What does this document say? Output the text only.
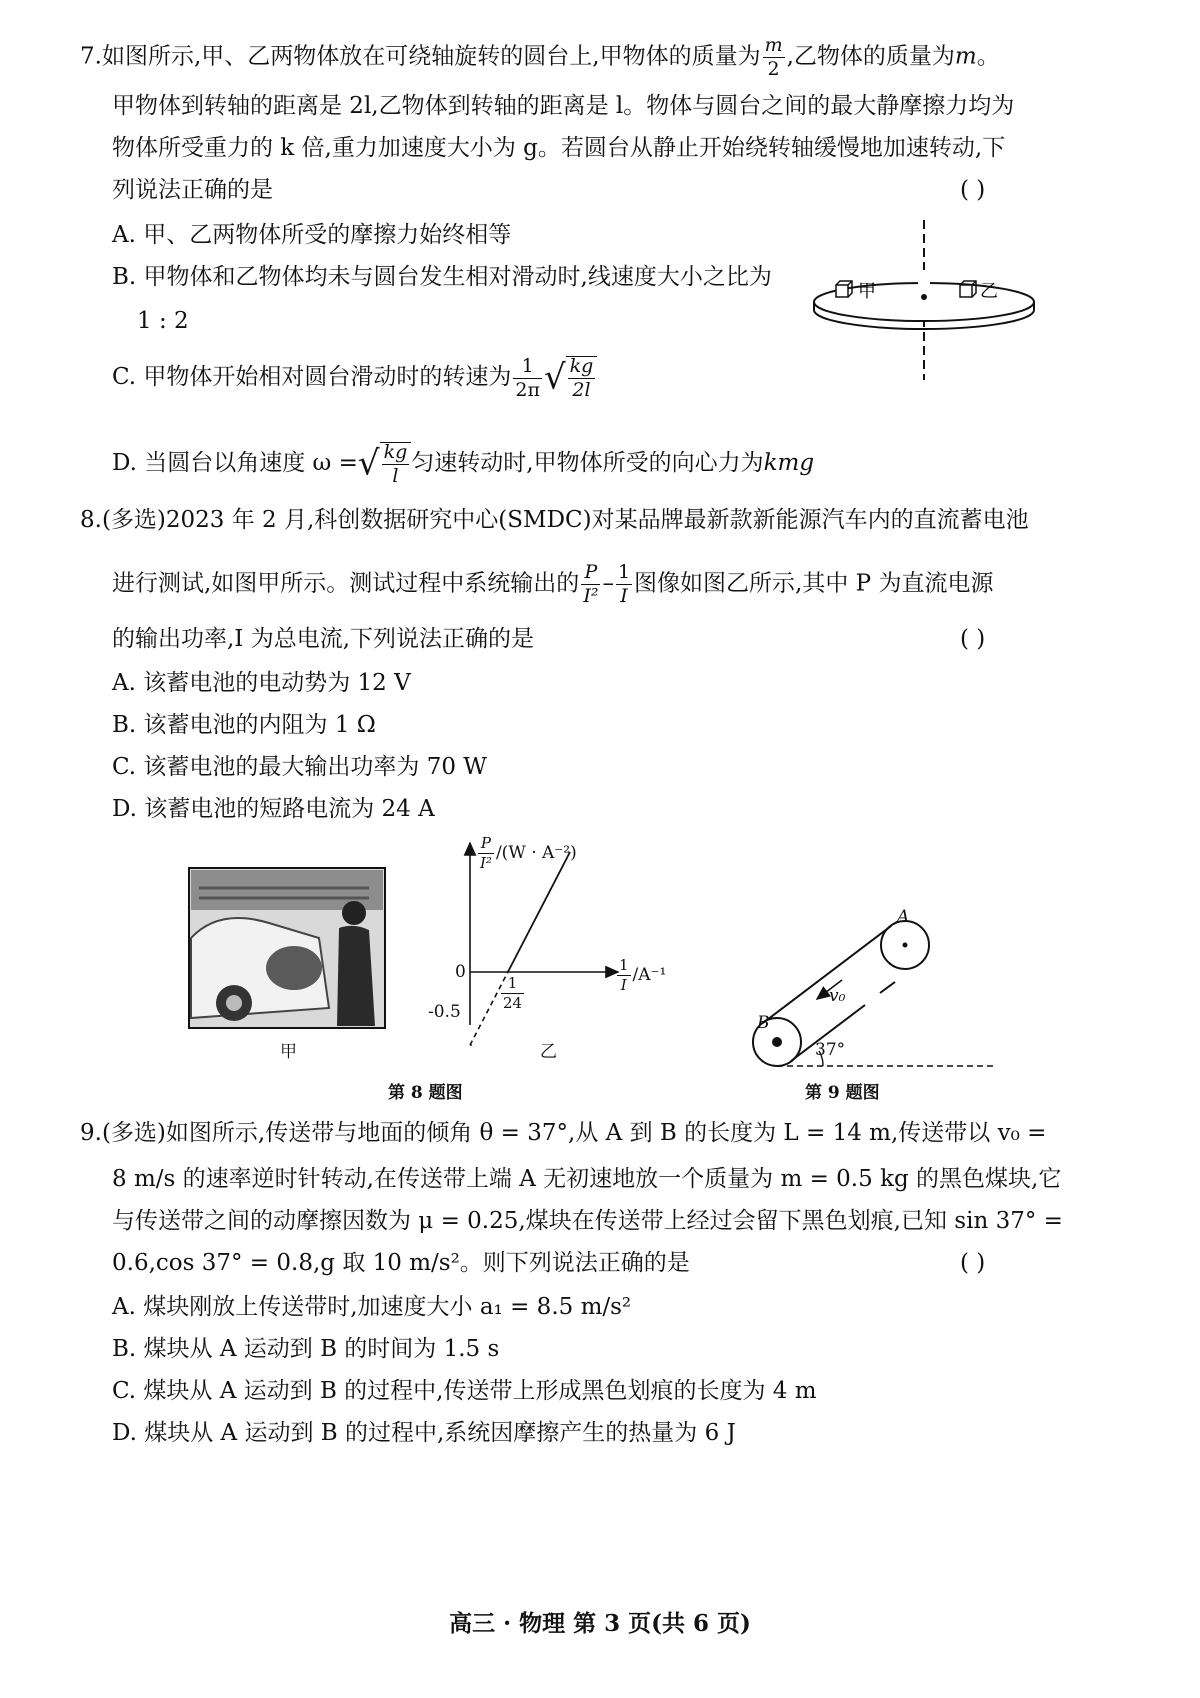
7.如图所示,甲、乙两物体放在可绕轴旋转的圆台上,甲物体的质量为 $\frac{m}{2}$ ,乙物体的质量为m。
甲物体到转轴的距离是 2l,乙物体到转轴的距离是 l。物体与圆台之间的最大静摩擦力均为
物体所受重力的 k 倍,重力加速度大小为 g。若圆台从静止开始绕转轴缓慢地加速转动,下
列说法正确的是	( )
A. 甲、乙两物体所受的摩擦力始终相等
B. 甲物体和乙物体均未与圆台发生相对滑动时,线速度大小之比为
1 : 2
C. 甲物体开始相对圆台滑动时的转速为 $\frac{1}{2\pi}$ √ $\frac{kg}{2l}$
D. 当圆台以角速度 ω =√ $\frac{kg}{l}$ 匀速转动时,甲物体所受的向心力为kmg
甲	乙
8.(多选)2023 年 2 月,科创数据研究中心(SMDC)对某品牌最新款新能源汽车内的直流蓄电池
进行测试,如图甲所示。测试过程中系统输出的 $\frac{P}{\text{I²}} - \frac{1}{I}$ 图像如图乙所示,其中 P 为直流电源
的输出功率,I 为总电流,下列说法正确的是	( )
A. 该蓄电池的电动势为 12 V
B. 该蓄电池的内阻为 1 Ω
C. 该蓄电池的最大输出功率为 70 W
D. 该蓄电池的短路电流为 24 A
甲
$\frac{P}{\text{I²}} /(W \cdot A^{-2})$
$\frac{1}{I} /A^{-1}$
0
-0.5
$\frac{1}{24}$
乙
第 8 题图
A
B
v₀
37°
第 9 题图
9.(多选)如图所示,传送带与地面的倾角 θ = 37°,从 A 到 B 的长度为 L = 14 m,传送带以 v₀ =
8 m/s 的速率逆时针转动,在传送带上端 A 无初速地放一个质量为 m = 0.5 kg 的黑色煤块,它
与传送带之间的动摩擦因数为 μ = 0.25,煤块在传送带上经过会留下黑色划痕,已知 sin 37° =
0.6,cos 37° = 0.8,g 取 10 m/s²。则下列说法正确的是	( )
A. 煤块刚放上传送带时,加速度大小 a₁ = 8.5 m/s²
B. 煤块从 A 运动到 B 的时间为 1.5 s
C. 煤块从 A 运动到 B 的过程中,传送带上形成黑色划痕的长度为 4 m
D. 煤块从 A 运动到 B 的过程中,系统因摩擦产生的热量为 6 J
高三 · 物理 第 3 页(共 6 页)
